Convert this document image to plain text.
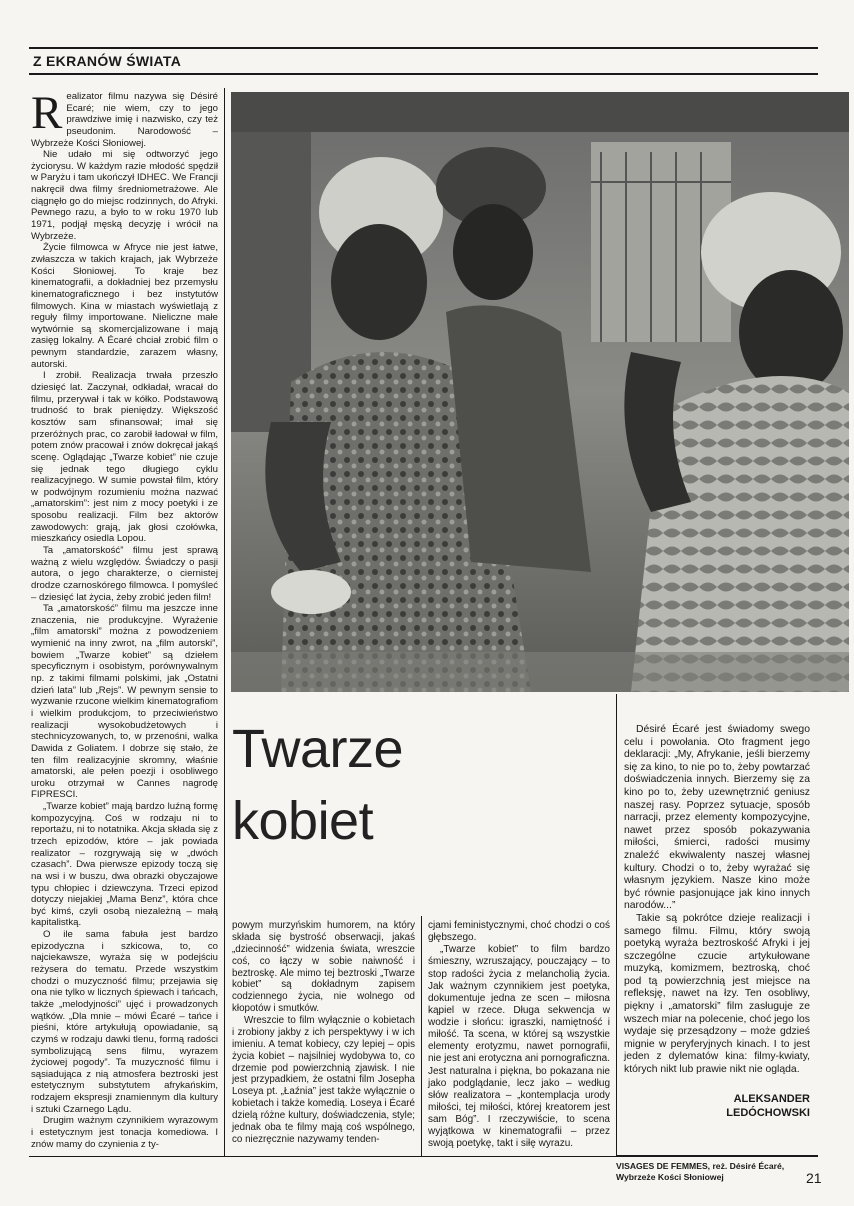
Z EKRANÓW ŚWIATA
R ealizator filmu nazywa się Désiré Ecaré; nie wiem, czy to jego prawdziwe imię i nazwisko, czy też pseudonim. Narodowość – Wybrzeże Kości Słoniowej.

Nie udało mi się odtworzyć jego życiorysu. W każdym razie młodość spędził w Paryżu i tam ukończył IDHEC. We Francji nakręcił dwa filmy średniometrażowe. Ale ciągnęło go do miejsc rodzinnych, do Afryki. Pewnego razu, a było to w roku 1970 lub 1971, podjął męską decyzję i wrócił na Wybrzeże.

Życie filmowca w Afryce nie jest łatwe, zwłaszcza w takich krajach, jak Wybrzeże Kości Słoniowej. To kraje bez kinematografii, a dokładniej bez przemysłu kinematograficznego i bez instytutów filmowych. Kina w miastach wyświetlają z reguły filmy importowane. Nieliczne małe wytwórnie są skomercjalizowane i mają zasięg lokalny. A Écaré chciał zrobić film o pewnym standardzie, zarazem własny, autorski.

I zrobił. Realizacja trwała przeszło dziesięć lat. Zaczynał, odkładał, wracał do filmu, przerywał i tak w kółko. Podstawową trudność to brak pieniędzy. Większość kosztów sam sfinansował; imał się przeróżnych prac, co zarobił ładował w film, potem znów pracował i znów dokręcał jakąś scenę. Oglądając „Twarze kobiet” nie czuje się jednak tego długiego cyklu realizacyjnego. W sumie powstał film, który w podwójnym rozumieniu można nazwać „amatorskim”: jest nim z mocy poetyki i ze sposobu realizacji. Film bez aktorów zawodowych: grają, jak głosi czołówka, mieszkańcy osiedla Lopou.

Ta „amatorskość” filmu jest sprawą ważną z wielu względów. Świadczy o pasji autora, o jego charakterze, o ciernistej drodze czarnoskórego filmowca. I pomyśleć – dziesięć lat życia, żeby zrobić jeden film!

Ta „amatorskość” filmu ma jeszcze inne znaczenia, nie produkcyjne. Wyrażenie „film amatorski” można z powodzeniem wymienić na inny zwrot, na „film autorski”, bowiem „Twarze kobiet” są dziełem specyficznym i osobistym, porównywalnym np. z takimi filmami polskimi, jak „Ostatni dzień lata” lub „Rejs”. W pewnym sensie to wyzwanie rzucone wielkim kinematografiom i wielkim produkcjom, to przeciwieństwo realizacji wysokobudżetowych i stechnicyzowanych, to, w przenośni, walka Dawida z Goliatem. I dobrze się stało, że ten film realizacyjnie skromny, właśnie amatorski, ale pełen poezji i osobliwego uroku otrzymał w Cannes nagrodę FIPRESCI.

„Twarze kobiet” mają bardzo luźną formę kompozycyjną. Coś w rodzaju ni to reportażu, ni to notatnika. Akcja składa się z trzech epizodów, które – jak powiada realizator – rozgrywają się w „dwóch czasach”. Dwa pierwsze epizody toczą się na wsi i w buszu, dwa obrazki obyczajowe typu chłopiec i dziewczyna. Trzeci epizod dotyczy niejakiej „Mama Benz”, która chce być kimś, czyli osobą niezależną – małą kapitalistką.

O ile sama fabuła jest bardzo epizodyczna i szkicowa, to, co najciekawsze, wyraża się w podejściu reżysera do tematu. Przede wszystkim chodzi o muzyczność filmu; przejawia się ona nie tylko w licznych śpiewach i tańcach, także „melodyjności” ujęć i prowadzonych wątków. „Dla mnie – mówi Écaré – tańce i pieśni, które artykułują opowiadanie, są czymś w rodzaju dawki tlenu, formą radości symbolizującą sens filmu, wyrazem życiowej pogody”. Ta muzyczność filmu i sąsiadująca z nią atmosfera beztroski jest estetycznym substytutem afrykańskim, rodzajem ekspresji znamiennym dla kultury i sztuki Czarnego Lądu.

Drugim ważnym czynnikiem wyrazowym i estetycznym jest tonacja komediowa. I znów mamy do czynienia z ty-

Twarze
kobiet

powym murzyńskim humorem, na który składa się bystrość obserwacji, jakaś „dziecinność” widzenia świata, wreszcie coś, co łączy w sobie naiwność i beztroskę. Ale mimo tej beztroski „Twarze kobiet” są dokładnym zapisem codziennego życia, nie wolnego od kłopotów i smutków.

Wreszcie to film wyłącznie o kobietach i zrobiony jakby z ich perspektywy i w ich imieniu. A temat kobiecy, czy lepiej – opis życia kobiet – najsilniej wydobywa to, co drzemie pod powierzchnią zjawisk. I nie jest przypadkiem, że ostatni film Josepha Loseya pt. „Łaźnia” jest także wyłącznie o kobietach i także komedią. Loseya i Écaré dzielą różne kultury, doświadczenia, style; jednak oba te filmy mają coś wspólnego, co niezręcznie nazywamy tenden-

cjami feministycznymi, choć chodzi o coś głębszego.

„Twarze kobiet” to film bardzo śmieszny, wzruszający, pouczający – to stop radości życia z melancholią życia. Jak ważnym czynnikiem jest poetyka, dokumentuje jedna ze scen – miłosna kąpiel w rzece. Długa sekwencja w wodzie i słońcu: igraszki, namiętność i miłość. Ta scena, w której są wszystkie elementy erotyzmu, nawet pornografii, nie jest ani erotyczna ani pornograficzna. Jest naturalna i piękna, bo pokazana nie jako podglądanie, lecz jako – według słów realizatora – „kontemplacja urody miłości, tej miłości, której kreatorem jest sam Bóg”. I rzeczywiście, to scena wyjątkowa w kinematografii – przez swoją poetykę, takt i siłę wyrazu.

Désiré Écaré jest świadomy swego celu i powołania. Oto fragment jego deklaracji: „My, Afrykanie, jeśli bierzemy się za kino, to nie po to, żeby powtarzać doświadczenia innych. Bierzemy się za kino po to, żeby uzewnętrznić geniusz naszej rasy. Poprzez sytuacje, sposób narracji, przez elementy kompozycyjne, nawet przez sposób pokazywania miłości, śmierci, radości musimy znaleźć ekwiwalenty naszej własnej kultury. Chodzi o to, żeby wyrażać się własnym językiem. Nasze kino może być równie pasjonujące jak kino innych narodów...”

Takie są pokrótce dzieje realizacji i samego filmu. Filmu, który swoją poetyką wyraża beztroskość Afryki i jej szczególne czucie artykułowane muzyką, komizmem, beztroską, choć pod tą powierzchnią jest miejsce na refleksję, nawet na łzy. Ten osobliwy, piękny i „amatorski” film zasługuje ze wszech miar na polecenie, choć jego los wydaje się przesądzony – może gdzieś mignie w peryferyjnych kinach. I to jest jeden z dylematów kina: filmy-kwiaty, których nikt lub prawie nikt nie ogląda.

ALEKSANDER
LEDÓCHOWSKI
VISAGES DE FEMMES, reż. Désiré Écaré,
Wybrzeże Kości Słoniowej	21
